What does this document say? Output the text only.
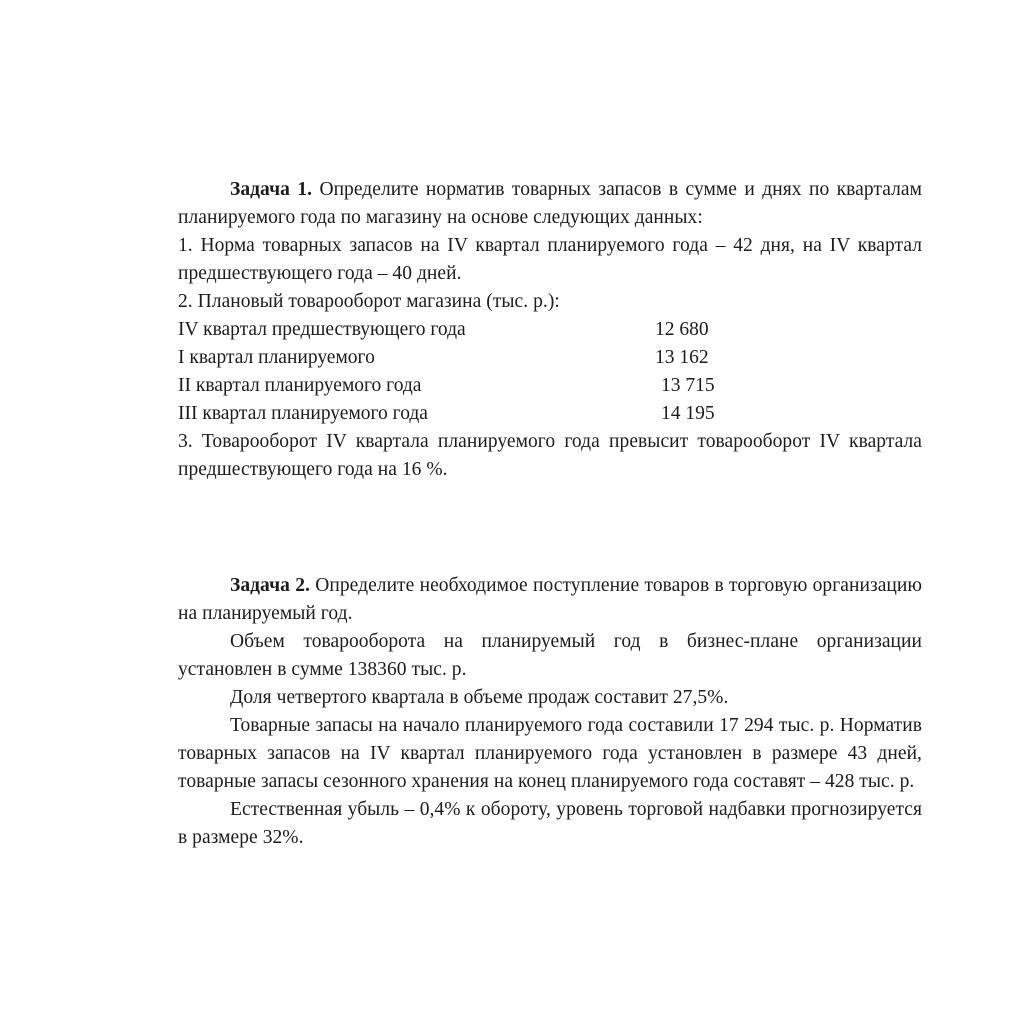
Задача 1. Определите норматив товарных запасов в сумме и днях по кварталам планируемого года по магазину на основе следующих данных:

1. Норма товарных запасов на IV квартал планируемого года – 42 дня, на IV квартал предшествующего года – 40 дней.

2. Плановый товарооборот магазина (тыс. р.):

IV квартал предшествующего года	12 680
I квартал планируемого	13 162
II квартал планируемого года	13 715
III квартал планируемого года	14 195

3. Товарооборот IV квартала планируемого года превысит товарооборот IV квартала предшествующего года на 16 %.

Задача 2. Определите необходимое поступление товаров в торговую организацию на планируемый год.

Объем товарооборота на планируемый год в бизнес-плане организации установлен в сумме 138360 тыс. р.

Доля четвертого квартала в объеме продаж составит 27,5%.

Товарные запасы на начало планируемого года составили 17 294 тыс. р. Норматив товарных запасов на IV квартал планируемого года установлен в размере 43 дней, товарные запасы сезонного хранения на конец планируемого года составят – 428 тыс. р.

Естественная убыль – 0,4% к обороту, уровень торговой надбавки прогнозируется в размере 32%.
